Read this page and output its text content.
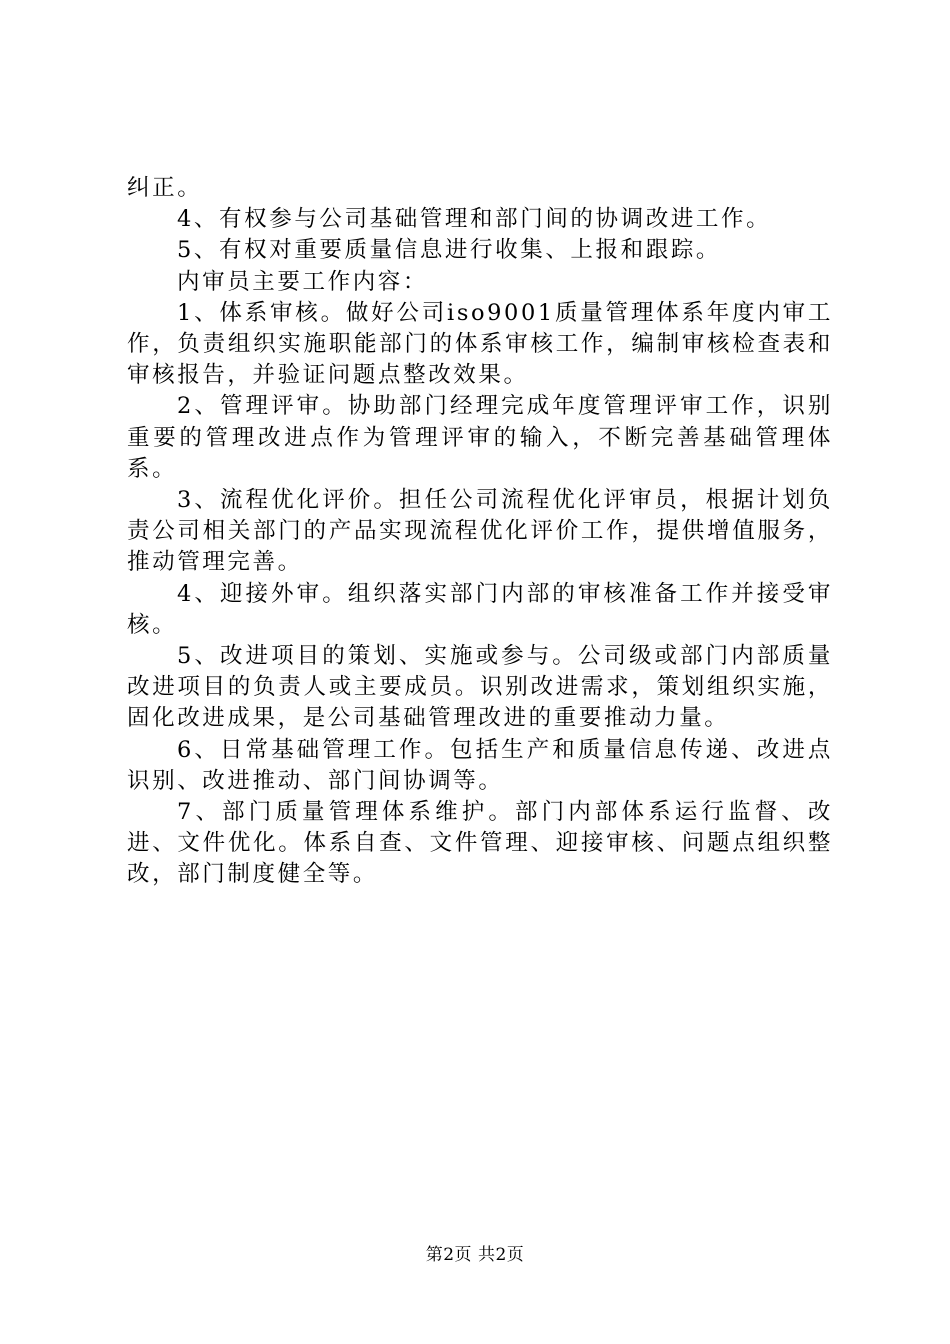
纠正。

4、有权参与公司基础管理和部门间的协调改进工作。

5、有权对重要质量信息进行收集、上报和跟踪。

内审员主要工作内容：

1、体系审核。做好公司iso9001质量管理体系年度内审工作，负责组织实施职能部门的体系审核工作，编制审核检查表和审核报告，并验证问题点整改效果。

2、管理评审。协助部门经理完成年度管理评审工作，识别重要的管理改进点作为管理评审的输入，不断完善基础管理体系。

3、流程优化评价。担任公司流程优化评审员，根据计划负责公司相关部门的产品实现流程优化评价工作，提供增值服务，推动管理完善。

4、迎接外审。组织落实部门内部的审核准备工作并接受审核。

5、改进项目的策划、实施或参与。公司级或部门内部质量改进项目的负责人或主要成员。识别改进需求，策划组织实施，固化改进成果，是公司基础管理改进的重要推动力量。

6、日常基础管理工作。包括生产和质量信息传递、改进点识别、改进推动、部门间协调等。

7、部门质量管理体系维护。部门内部体系运行监督、改进、文件优化。体系自查、文件管理、迎接审核、问题点组织整改，部门制度健全等。

第2页 共2页
